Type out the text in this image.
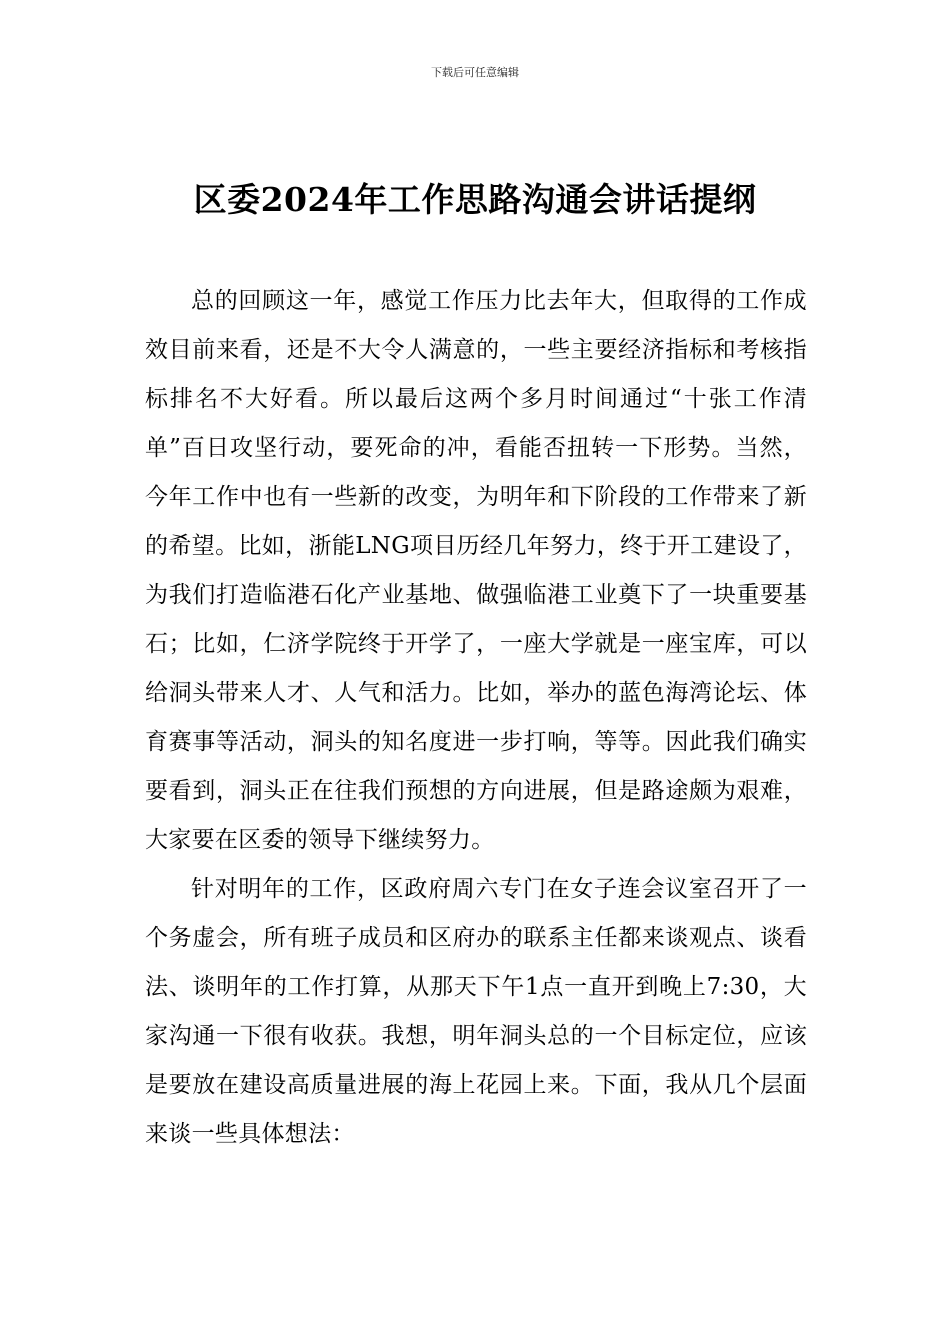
下载后可任意编辑
区委2024年工作思路沟通会讲话提纲

总的回顾这一年，感觉工作压力比去年大，但取得的工作成效目前来看，还是不大令人满意的，一些主要经济指标和考核指标排名不大好看。所以最后这两个多月时间通过“十张工作清单”百日攻坚行动，要死命的冲，看能否扭转一下形势。当然，今年工作中也有一些新的改变，为明年和下阶段的工作带来了新的希望。比如，浙能LNG项目历经几年努力，终于开工建设了，为我们打造临港石化产业基地、做强临港工业奠下了一块重要基石；比如，仁济学院终于开学了，一座大学就是一座宝库，可以给洞头带来人才、人气和活力。比如，举办的蓝色海湾论坛、体育赛事等活动，洞头的知名度进一步打响，等等。因此我们确实要看到，洞头正在往我们预想的方向进展，但是路途颇为艰难，大家要在区委的领导下继续努力。

针对明年的工作，区政府周六专门在女子连会议室召开了一个务虚会，所有班子成员和区府办的联系主任都来谈观点、谈看法、谈明年的工作打算，从那天下午1点一直开到晚上7:30，大家沟通一下很有收获。我想，明年洞头总的一个目标定位，应该是要放在建设高质量进展的海上花园上来。下面，我从几个层面来谈一些具体想法：
